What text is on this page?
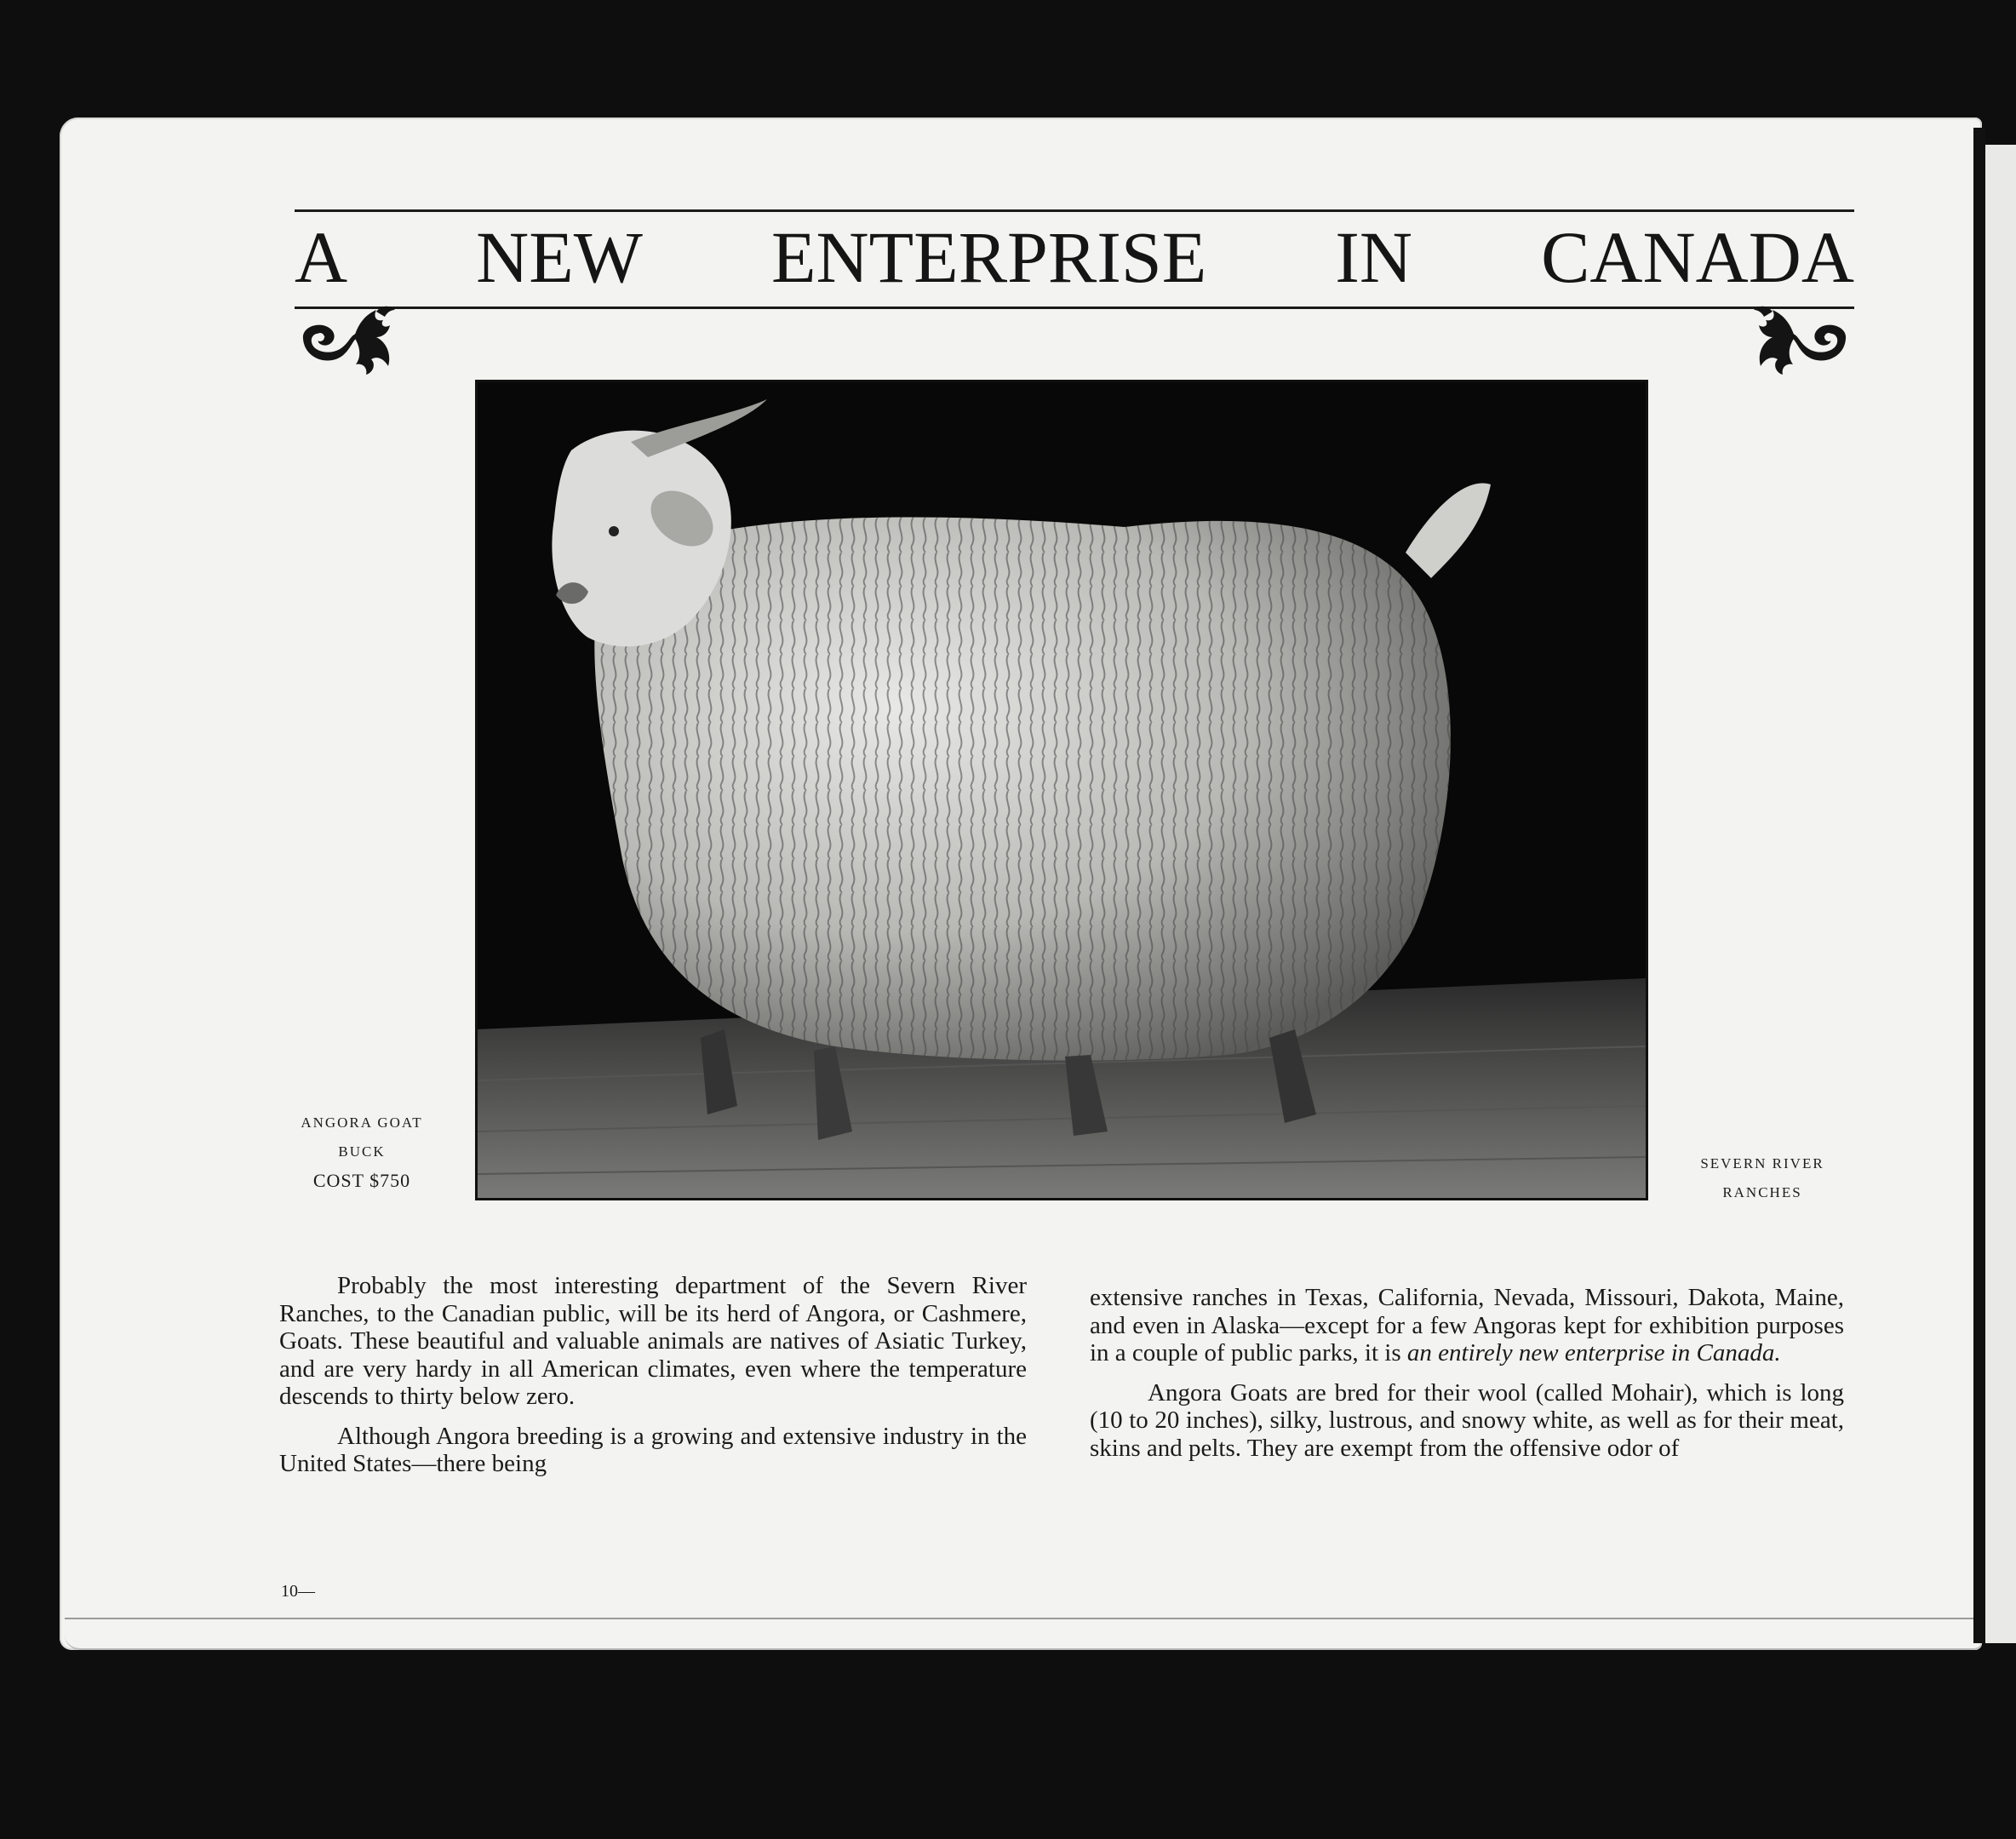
A NEW ENTERPRISE IN CANADA
ANGORA GOAT
BUCK
COST $750
SEVERN RIVER
RANCHES

Probably the most interesting department of the Severn River Ranches, to the Canadian public, will be its herd of Angora, or Cashmere, Goats. These beautiful and valuable animals are natives of Asiatic Turkey, and are very hardy in all American climates, even where the temperature descends to thirty below zero.

Although Angora breeding is a growing and extensive industry in the United States—there being

extensive ranches in Texas, California, Nevada, Missouri, Dakota, Maine, and even in Alaska—except for a few Angoras kept for exhibition purposes in a couple of public parks, it is an entirely new enterprise in Canada.

Angora Goats are bred for their wool (called Mohair), which is long (10 to 20 inches), silky, lustrous, and snowy white, as well as for their meat, skins and pelts. They are exempt from the offensive odor of

10—
